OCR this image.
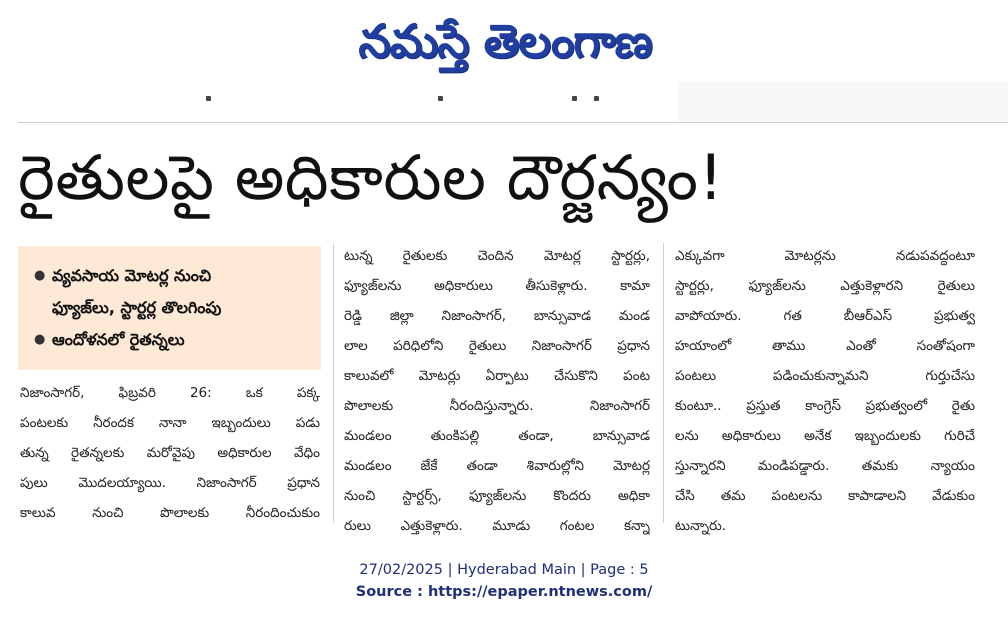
నమస్తే తెలంగాణ
రైతులపై అధికారుల దౌర్జన్యం!
● వ్యవసాయ మోటర్ల నుంచి
ఫ్యూజ్‌లు, స్టార్టర్ల తొలగింపు
● ఆందోళనలో రైతన్నలు

నిజాంసాగర్, ఫిబ్రవరి 26: ఒక పక్క

పంటలకు నీరందక నానా ఇబ్బందులు పడు

తున్న రైతన్నలకు మరోవైపు అధికారుల వేధిం

పులు మొదలయ్యాయి. నిజాంసాగర్ ప్రధాన

కాలువ నుంచి పొలాలకు నీరందించుకుం

టున్న రైతులకు చెందిన మోటర్ల స్టార్టర్లు,

ఫ్యూజ్‌లను అధికారులు తీసుకెళ్లారు. కామా

రెడ్డి జిల్లా నిజాంసాగర్, బాన్సువాడ మండ

లాల పరిధిలోని రైతులు నిజాంసాగర్ ప్రధాన

కాలువలో మోటర్లు ఏర్పాటు చేసుకొని పంట

పొలాలకు నీరందిస్తున్నారు. నిజాంసాగర్

మండలం తుంకిపల్లి తండా, బాన్సువాడ

మండలం జేకే తండా శివారుల్లోని మోటర్ల

నుంచి స్టార్టర్స్, ఫ్యూజ్‌లను కొందరు అధికా

రులు ఎత్తుకెళ్లారు. మూడు గంటల కన్నా

ఎక్కువగా మోటర్లను నడుపవద్దంటూ

స్టార్టర్లు, ఫ్యూజ్‌లను ఎత్తుకెళ్లారని రైతులు

వాపోయారు. గత బీఆర్‌ఎస్ ప్రభుత్వ

హయాంలో తాము ఎంతో సంతోషంగా

పంటలు పడించుకున్నామని గుర్తుచేసు

కుంటూ.. ప్రస్తుత కాంగ్రెస్ ప్రభుత్వంలో రైతు

లను అధికారులు అనేక ఇబ్బందులకు గురిచే

స్తున్నారని మండిపడ్డారు. తమకు న్యాయం

చేసి తమ పంటలను కాపాడాలని వేడుకుం

టున్నారు.

27/02/2025 | Hyderabad Main | Page : 5
Source : https://epaper.ntnews.com/
